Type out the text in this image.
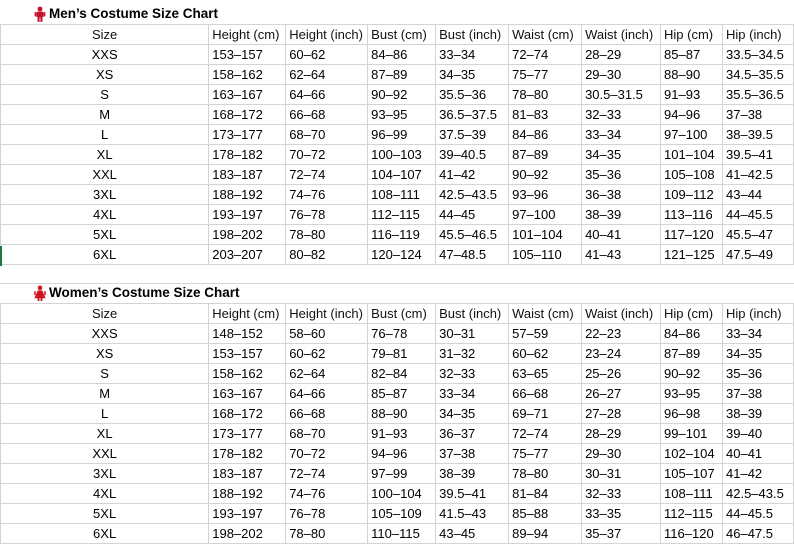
Men’s Costume Size Chart
Size	Height (cm)	Height (inch)	Bust (cm)	Bust (inch)	Waist (cm)	Waist (inch)	Hip (cm)	Hip (inch)
XXS	153–157	60–62	84–86	33–34	72–74	28–29	85–87	33.5–34.5
XS	158–162	62–64	87–89	34–35	75–77	29–30	88–90	34.5–35.5
S	163–167	64–66	90–92	35.5–36	78–80	30.5–31.5	91–93	35.5–36.5
M	168–172	66–68	93–95	36.5–37.5	81–83	32–33	94–96	37–38
L	173–177	68–70	96–99	37.5–39	84–86	33–34	97–100	38–39.5
XL	178–182	70–72	100–103	39–40.5	87–89	34–35	101–104	39.5–41
XXL	183–187	72–74	104–107	41–42	90–92	35–36	105–108	41–42.5
3XL	188–192	74–76	108–111	42.5–43.5	93–96	36–38	109–112	43–44
4XL	193–197	76–78	112–115	44–45	97–100	38–39	113–116	44–45.5
5XL	198–202	78–80	116–119	45.5–46.5	101–104	40–41	117–120	45.5–47
6XL	203–207	80–82	120–124	47–48.5	105–110	41–43	121–125	47.5–49
Women’s Costume Size Chart
Size	Height (cm)	Height (inch)	Bust (cm)	Bust (inch)	Waist (cm)	Waist (inch)	Hip (cm)	Hip (inch)
XXS	148–152	58–60	76–78	30–31	57–59	22–23	84–86	33–34
XS	153–157	60–62	79–81	31–32	60–62	23–24	87–89	34–35
S	158–162	62–64	82–84	32–33	63–65	25–26	90–92	35–36
M	163–167	64–66	85–87	33–34	66–68	26–27	93–95	37–38
L	168–172	66–68	88–90	34–35	69–71	27–28	96–98	38–39
XL	173–177	68–70	91–93	36–37	72–74	28–29	99–101	39–40
XXL	178–182	70–72	94–96	37–38	75–77	29–30	102–104	40–41
3XL	183–187	72–74	97–99	38–39	78–80	30–31	105–107	41–42
4XL	188–192	74–76	100–104	39.5–41	81–84	32–33	108–111	42.5–43.5
5XL	193–197	76–78	105–109	41.5–43	85–88	33–35	112–115	44–45.5
6XL	198–202	78–80	110–115	43–45	89–94	35–37	116–120	46–47.5
